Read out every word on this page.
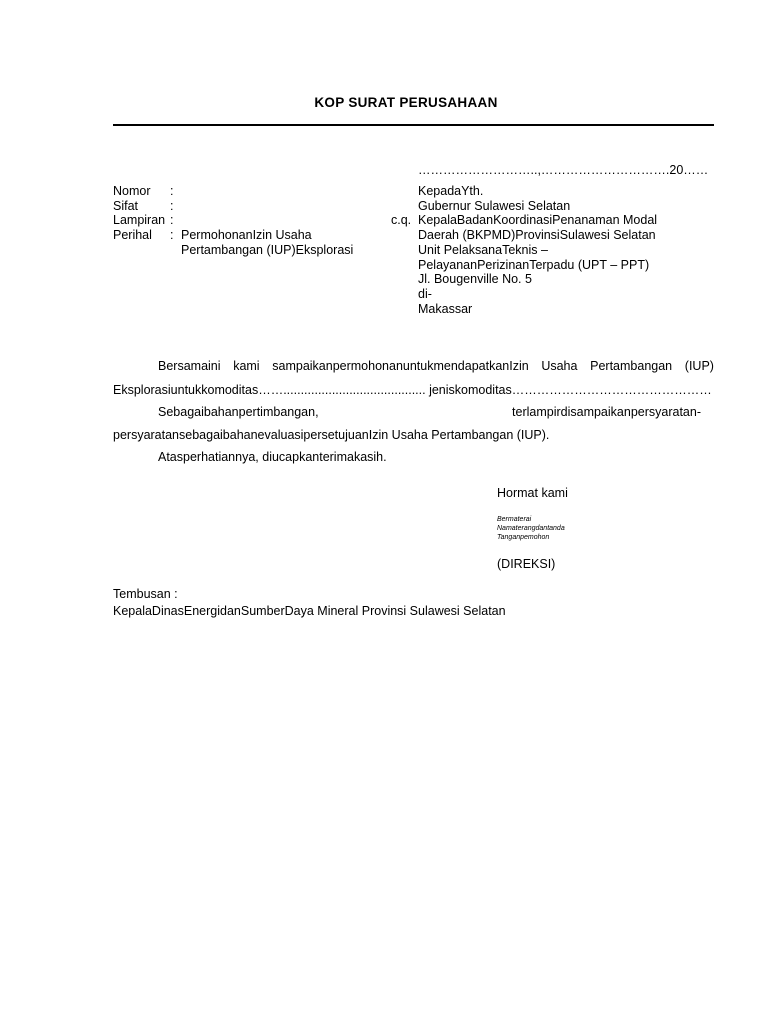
KOP SURAT PERUSAHAAN
………………………..,………………………….20……
Nomor :
Sifat	:
Lampiran :
Perihal : PermohonanIzin Usaha
Pertambangan (IUP)Eksplorasi
KepadaYth.
Gubernur Sulawesi Selatan
c.q. KepalaBadanKoordinasiPenanaman Modal
Daerah (BKPMD)ProvinsiSulawesi Selatan
Unit PelaksanaTeknis –
PelayananPerizinanTerpadu (UPT – PPT)
Jl. Bougenville No. 5
di-
Makassar
Bersamaini kami sampaikanpermohonanuntukmendapatkanIzin Usaha Pertambangan (IUP)
Eksplorasiuntukkomoditas……......................................... jeniskomoditas…………………………………………
Sebagaibahanpertimbangan,	terlampirdisampaikanpersyaratan-
persyaratansebagaibahanevaluasipersetujuanIzin Usaha Pertambangan (IUP).
Atasperhatiannya, diucapkanterimakasih.
Hormat kami
Bermaterai
Namaterangdantanda
Tanganpemohon
(DIREKSI)
Tembusan :
KepalaDinasEnergidanSumberDaya Mineral Provinsi Sulawesi Selatan
